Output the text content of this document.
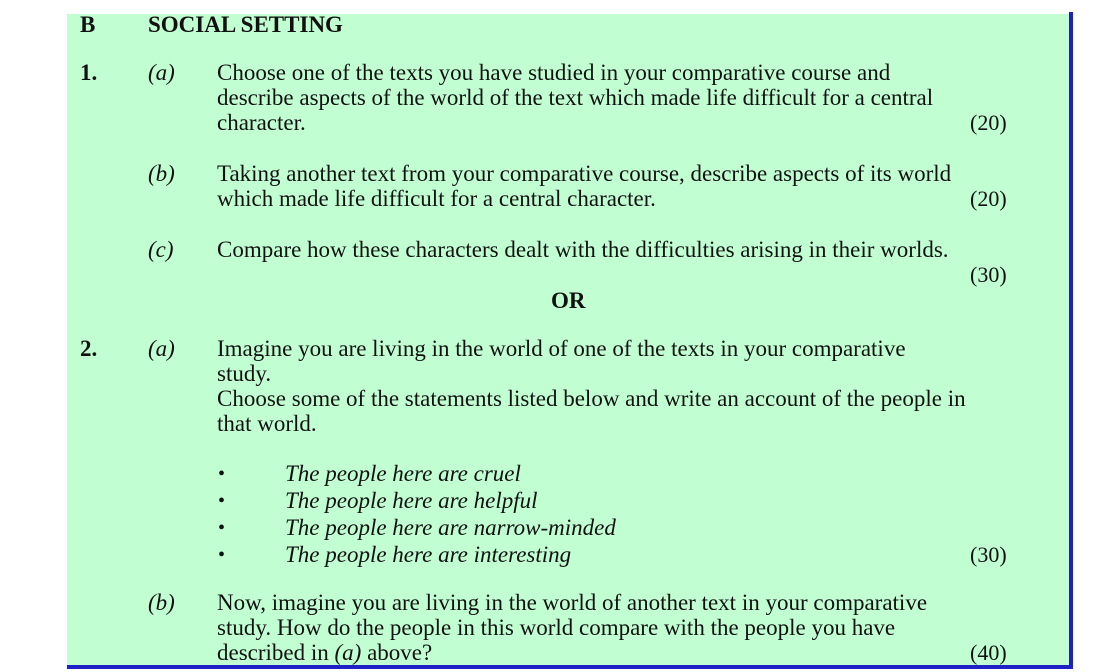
B SOCIAL SETTING
1. (a) Choose one of the texts you have studied in your comparative course and
describe aspects of the world of the text which made life difficult for a central
character.	(20)
(b) Taking another text from your comparative course, describe aspects of its world
which made life difficult for a central character.	(20)
(c) Compare how these characters dealt with the difficulties arising in their worlds.
(30)
OR
2. (a) Imagine you are living in the world of one of the texts in your comparative
study.
Choose some of the statements listed below and write an account of the people in
that world.
•	The people here are cruel
•	The people here are helpful
•	The people here are narrow-minded
•	The people here are interesting	(30)
(b) Now, imagine you are living in the world of another text in your comparative
study. How do the people in this world compare with the people you have
described in (a) above?	(40)
